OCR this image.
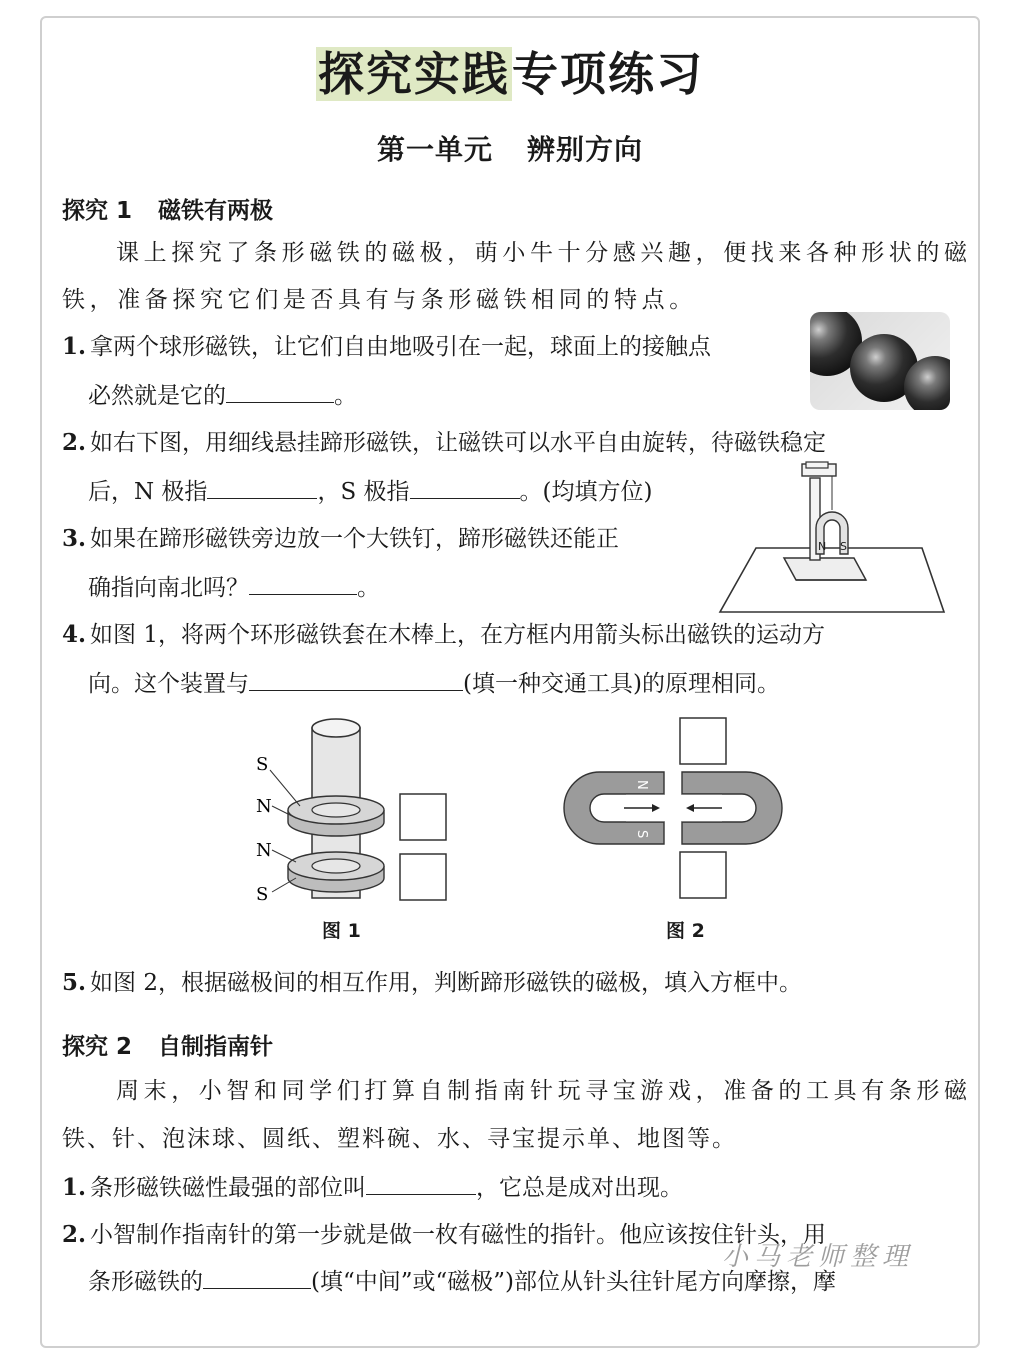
探究实践专项练习
第一单元 辨别方向
探究 1 磁铁有两极
课上探究了条形磁铁的磁极，萌小牛十分感兴趣，便找来各种形状的磁
铁，准备探究它们是否具有与条形磁铁相同的特点。
1. 拿两个球形磁铁，让它们自由地吸引在一起，球面上的接触点
必然就是它的	。
2. 如右下图，用细线悬挂蹄形磁铁，让磁铁可以水平自由旋转，待磁铁稳定
后，N 极指	，S 极指	。(均填方位)
3. 如果在蹄形磁铁旁边放一个大铁钉，蹄形磁铁还能正
确指向南北吗？	。
N S
4. 如图 1，将两个环形磁铁套在木棒上，在方框内用箭头标出磁铁的运动方
向。这个装置与	(填一种交通工具)的原理相同。
S
N
N
S
图 1
N
S
图 2
5. 如图 2，根据磁极间的相互作用，判断蹄形磁铁的磁极，填入方框中。
探究 2 自制指南针
周末，小智和同学们打算自制指南针玩寻宝游戏，准备的工具有条形磁
铁、针、泡沫球、圆纸、塑料碗、水、寻宝提示单、地图等。
1. 条形磁铁磁性最强的部位叫	，它总是成对出现。
2. 小智制作指南针的第一步就是做一枚有磁性的指针。他应该按住针头，用
条形磁铁的	(填“中间”或“磁极”)部位从针头往针尾方向摩擦，摩
小马老师整理
